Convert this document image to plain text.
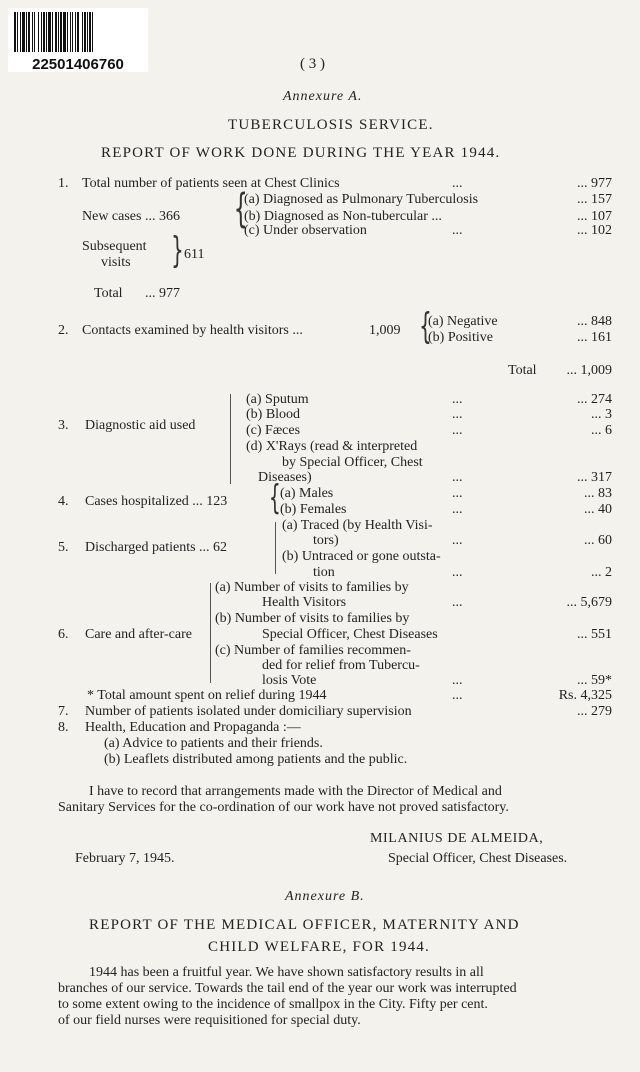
22501406760	( 3 )
Annexure A.
TUBERCULOSIS SERVICE.
REPORT OF WORK DONE DURING THE YEAR 1944.
1. Total number of patients seen at Chest Clinics	...	... 977
New cases ... 366 {
(a) Diagnosed as Pulmonary Tuberculosis	... 157
(b) Diagnosed as Non-tubercular ...	... 107
(c) Under observation	...	... 102
Subsequent
visits } 611
Total ... 977
2. Contacts examined by health visitors ...	1,009 {
(a) Negative	... 848
(b) Positive	... 161
Total	... 1,009
3. Diagnostic aid used
(a) Sputum	...	... 274
(b) Blood	...	... 3
(c) Fæces	...	... 6
(d) X'Rays (read & interpreted
by Special Officer, Chest
Diseases)	...	... 317
4. Cases hospitalized ... 123 { (a) Males	...	... 83
(b) Females	...	... 40
5. Discharged patients ... 62
(a) Traced (by Health Visi-
tors)	...	... 60
(b) Untraced or gone outsta-
tion	...	... 2
6. Care and after-care
(a) Number of visits to families by
Health Visitors	...	... 5,679
(b) Number of visits to families by
Special Officer, Chest Diseases	... 551
(c) Number of families recommen-
ded for relief from Tubercu-
losis Vote	...	... 59*
* Total amount spent on relief during 1944	...	Rs. 4,325
7. Number of patients isolated under domiciliary supervision	... 279
8. Health, Education and Propaganda :—
(a) Advice to patients and their friends.
(b) Leaflets distributed among patients and the public.
I have to record that arrangements made with the Director of Medical and
Sanitary Services for the co-ordination of our work have not proved satisfactory.
MILANIUS DE ALMEIDA,
February 7, 1945.	Special Officer, Chest Diseases.
Annexure B.
REPORT OF THE MEDICAL OFFICER, MATERNITY AND
CHILD WELFARE, FOR 1944.
1944 has been a fruitful year. We have shown satisfactory results in all
branches of our service. Towards the tail end of the year our work was interrupted
to some extent owing to the incidence of smallpox in the City. Fifty per cent.
of our field nurses were requisitioned for special duty.
